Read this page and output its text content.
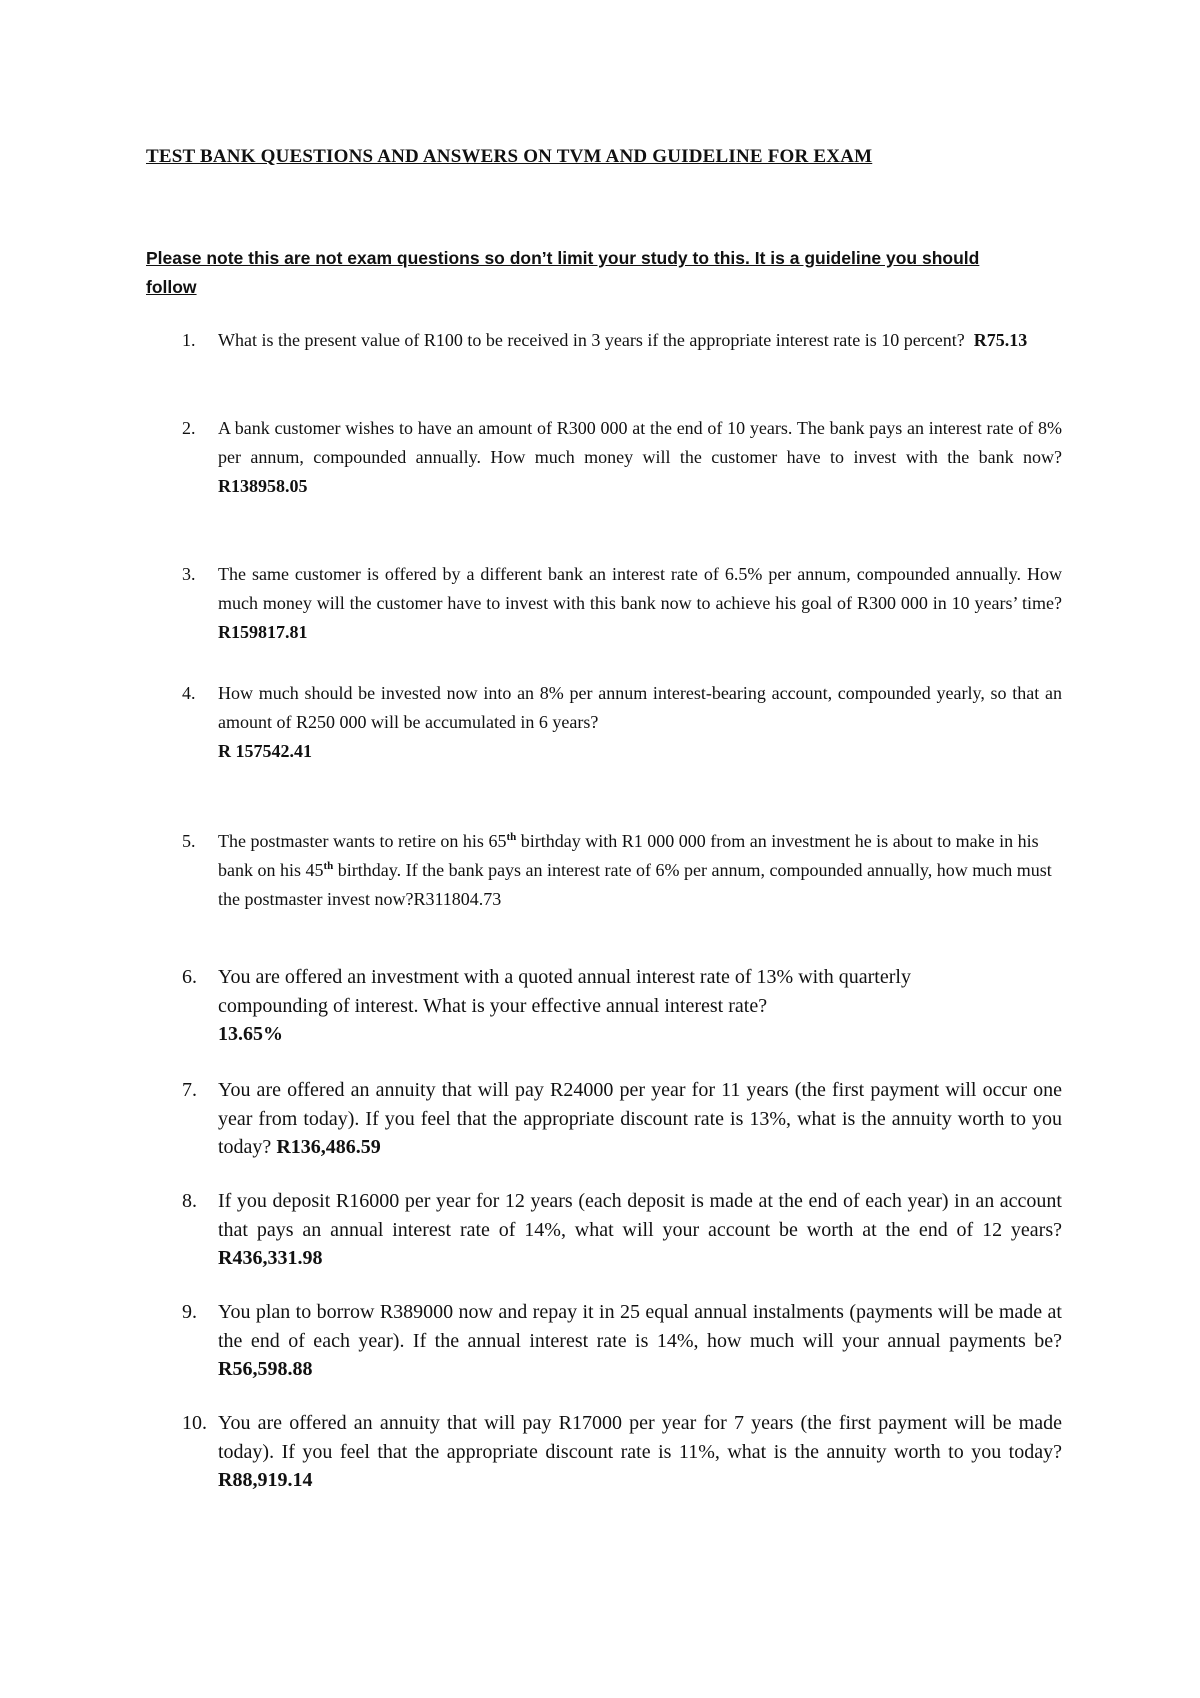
TEST BANK QUESTIONS AND ANSWERS ON TVM AND GUIDELINE FOR EXAM
Please note this are not exam questions so don’t limit your study to this. It is a guideline you should follow
1.	What is the present value of R100 to be received in 3 years if the appropriate interest rate is 10 percent? R75.13
2.	A bank customer wishes to have an amount of R300 000 at the end of 10 years. The bank pays an interest rate of 8% per annum, compounded annually. How much money will the customer have to invest with the bank now? R138958.05
3.	The same customer is offered by a different bank an interest rate of 6.5% per annum, compounded annually. How much money will the customer have to invest with this bank now to achieve his goal of R300 000 in 10 years’ time? R159817.81
4.	How much should be invested now into an 8% per annum interest-bearing account, compounded yearly, so that an amount of R250 000 will be accumulated in 6 years?
R 157542.41
5.	The postmaster wants to retire on his 65th birthday with R1 000 000 from an investment he is about to make in his bank on his 45th birthday. If the bank pays an interest rate of 6% per annum, compounded annually, how much must the postmaster invest now?R311804.73
6.	You are offered an investment with a quoted annual interest rate of 13% with quarterly compounding of interest. What is your effective annual interest rate?
13.65%
7.	You are offered an annuity that will pay R24000 per year for 11 years (the first payment will occur one year from today). If you feel that the appropriate discount rate is 13%, what is the annuity worth to you today? R136,486.59
8.	If you deposit R16000 per year for 12 years (each deposit is made at the end of each year) in an account that pays an annual interest rate of 14%, what will your account be worth at the end of 12 years? R436,331.98
9.	You plan to borrow R389000 now and repay it in 25 equal annual instalments (payments will be made at the end of each year). If the annual interest rate is 14%, how much will your annual payments be? R56,598.88
10. You are offered an annuity that will pay R17000 per year for 7 years (the first payment will be made today). If you feel that the appropriate discount rate is 11%, what is the annuity worth to you today? R88,919.14
